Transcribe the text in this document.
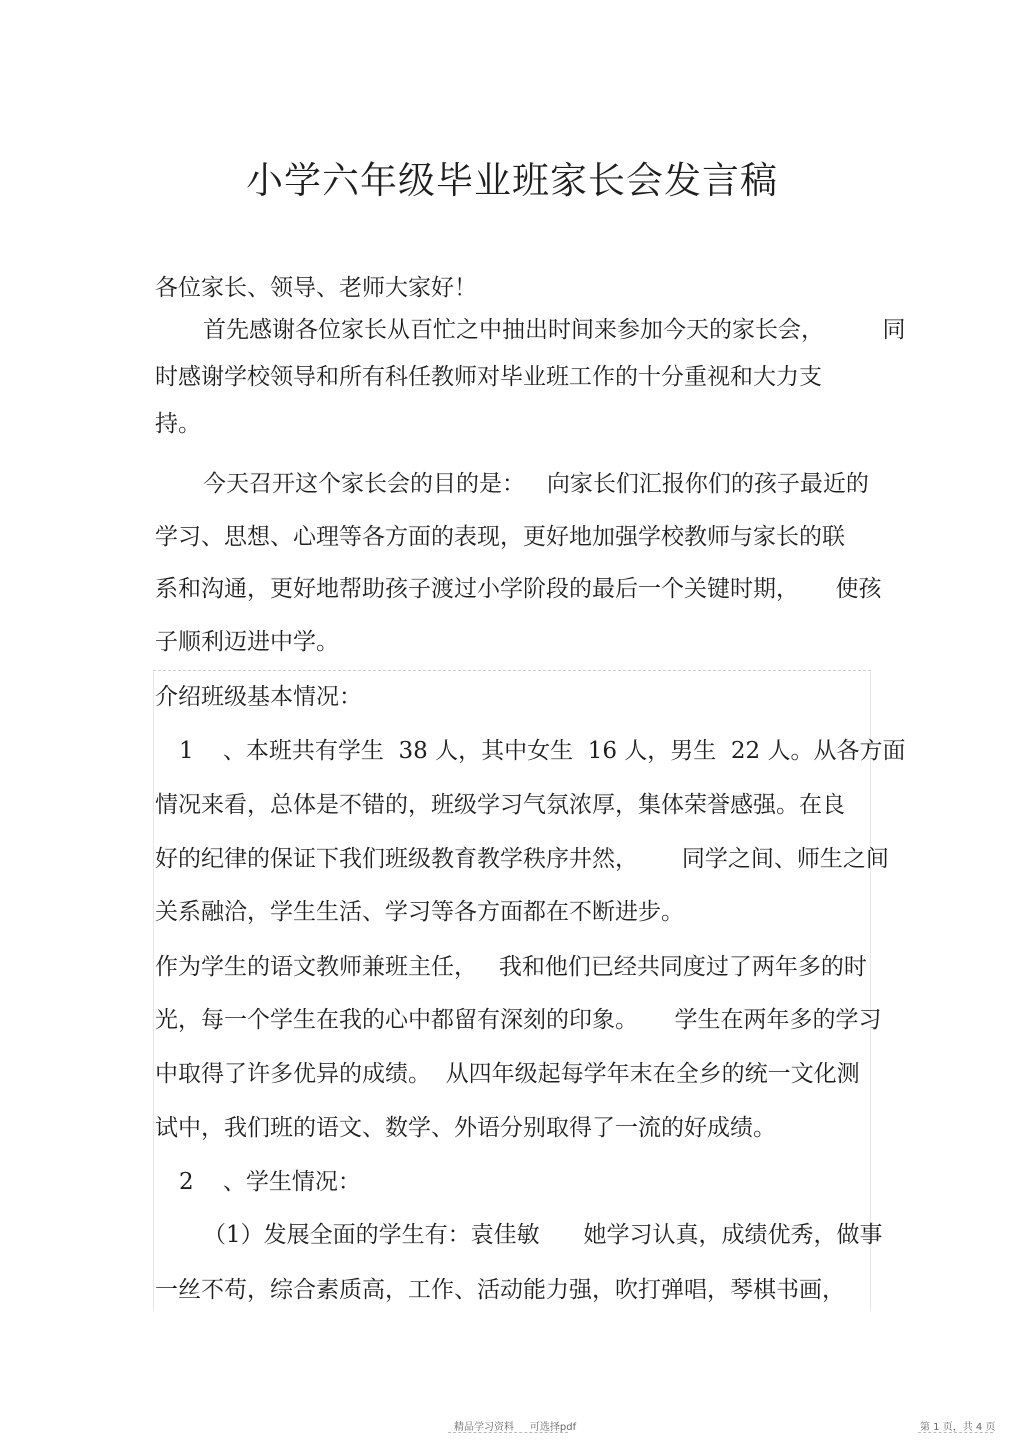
小学六年级毕业班家长会发言稿
各位家长、领导、老师大家好！
首先感谢各位家长从百忙之中抽出时间来参加今天的家长会，        同
时感谢学校领导和所有科任教师对毕业班工作的十分重视和大力支
持。
今天召开这个家长会的目的是：   向家长们汇报你们的孩子最近的
学习、思想、心理等各方面的表现，更好地加强学校教师与家长的联
系和沟通，更好地帮助孩子渡过小学阶段的最后一个关键时期，     使孩
子顺利迈进中学。
介绍班级基本情况：
1    、本班共有学生  38 人，其中女生  16 人，男生  22 人。从各方面
情况来看，总体是不错的，班级学习气氛浓厚，集体荣誉感强。在良
好的纪律的保证下我们班级教育教学秩序井然，      同学之间、师生之间
关系融洽，学生生活、学习等各方面都在不断进步。
作为学生的语文教师兼班主任，   我和他们已经共同度过了两年多的时
光，每一个学生在我的心中都留有深刻的印象。     学生在两年多的学习
中取得了许多优异的成绩。  从四年级起每学年末在全乡的统一文化测
试中，我们班的语文、数学、外语分别取得了一流的好成绩。
2    、学生情况：
（1）发展全面的学生有：袁佳敏      她学习认真，成绩优秀，做事
一丝不苟，综合素质高，工作、活动能力强，吹打弹唱，琴棋书画，
精品学习资料     可选择pdf	第 1 页，共 4 页
